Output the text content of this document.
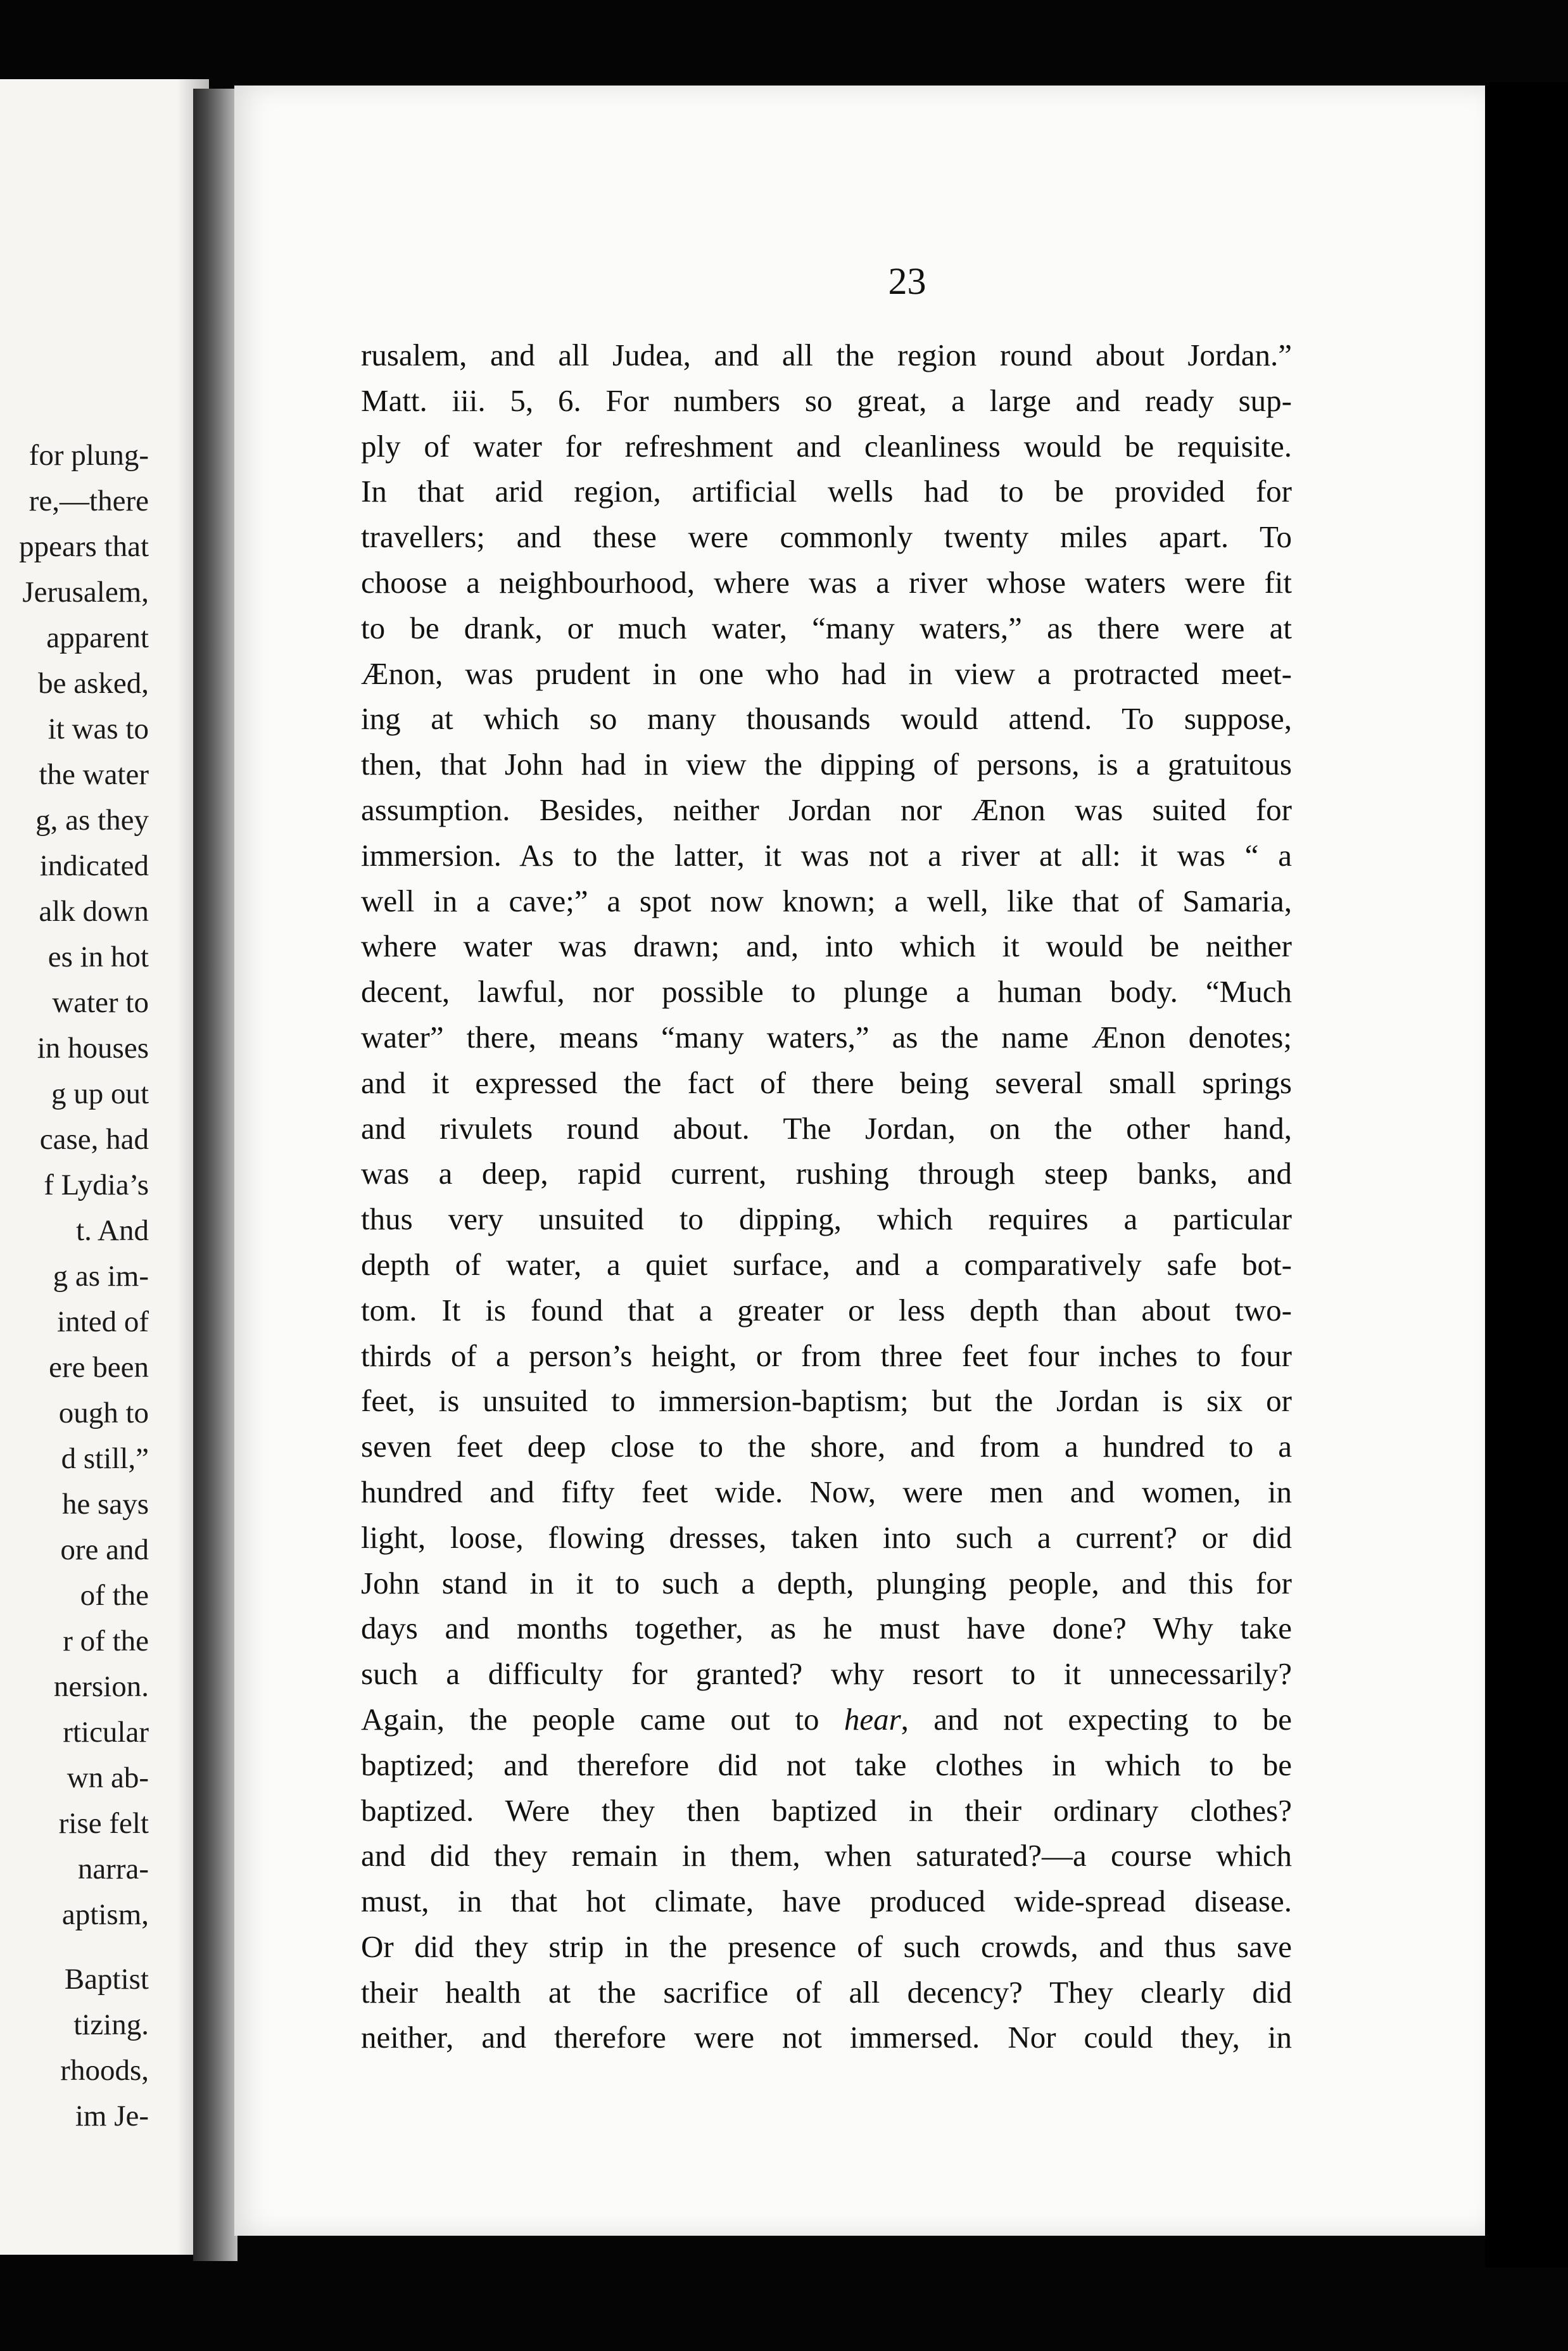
for plung-
re,—there
ppears that
Jerusalem,
apparent
be asked,
it was to
the water
g, as they
indicated
alk down
es in hot
water to
in houses
g up out
case, had
f Lydia’s
t. And
g as im-
inted of
ere been
ough to
d still,”
he says
ore and
of the
r of the
nersion.
rticular
wn ab-
rise felt
narra-
aptism,
Baptist
tizing.
rhoods,
im Je-
23
rusalem, and all Judea, and all the region round about Jordan.”
Matt. iii. 5, 6. For numbers so great, a large and ready sup-
ply of water for refreshment and cleanliness would be requisite.
In that arid region, artificial wells had to be provided for
travellers; and these were commonly twenty miles apart. To
choose a neighbourhood, where was a river whose waters were fit
to be drank, or much water, “many waters,” as there were at
Ænon, was prudent in one who had in view a protracted meet-
ing at which so many thousands would attend. To suppose,
then, that John had in view the dipping of persons, is a gratuitous
assumption. Besides, neither Jordan nor Ænon was suited for
immersion. As to the latter, it was not a river at all: it was “ a
well in a cave;” a spot now known; a well, like that of Samaria,
where water was drawn; and, into which it would be neither
decent, lawful, nor possible to plunge a human body. “Much
water” there, means “many waters,” as the name Ænon denotes;
and it expressed the fact of there being several small springs
and rivulets round about. The Jordan, on the other hand,
was a deep, rapid current, rushing through steep banks, and
thus very unsuited to dipping, which requires a particular
depth of water, a quiet surface, and a comparatively safe bot-
tom. It is found that a greater or less depth than about two-
thirds of a person’s height, or from three feet four inches to four
feet, is unsuited to immersion-baptism; but the Jordan is six or
seven feet deep close to the shore, and from a hundred to a
hundred and fifty feet wide. Now, were men and women, in
light, loose, flowing dresses, taken into such a current? or did
John stand in it to such a depth, plunging people, and this for
days and months together, as he must have done? Why take
such a difficulty for granted? why resort to it unnecessarily?
Again, the people came out to hear, and not expecting to be
baptized; and therefore did not take clothes in which to be
baptized. Were they then baptized in their ordinary clothes?
and did they remain in them, when saturated?—a course which
must, in that hot climate, have produced wide-spread disease.
Or did they strip in the presence of such crowds, and thus save
their health at the sacrifice of all decency? They clearly did
neither, and therefore were not immersed. Nor could they, in
